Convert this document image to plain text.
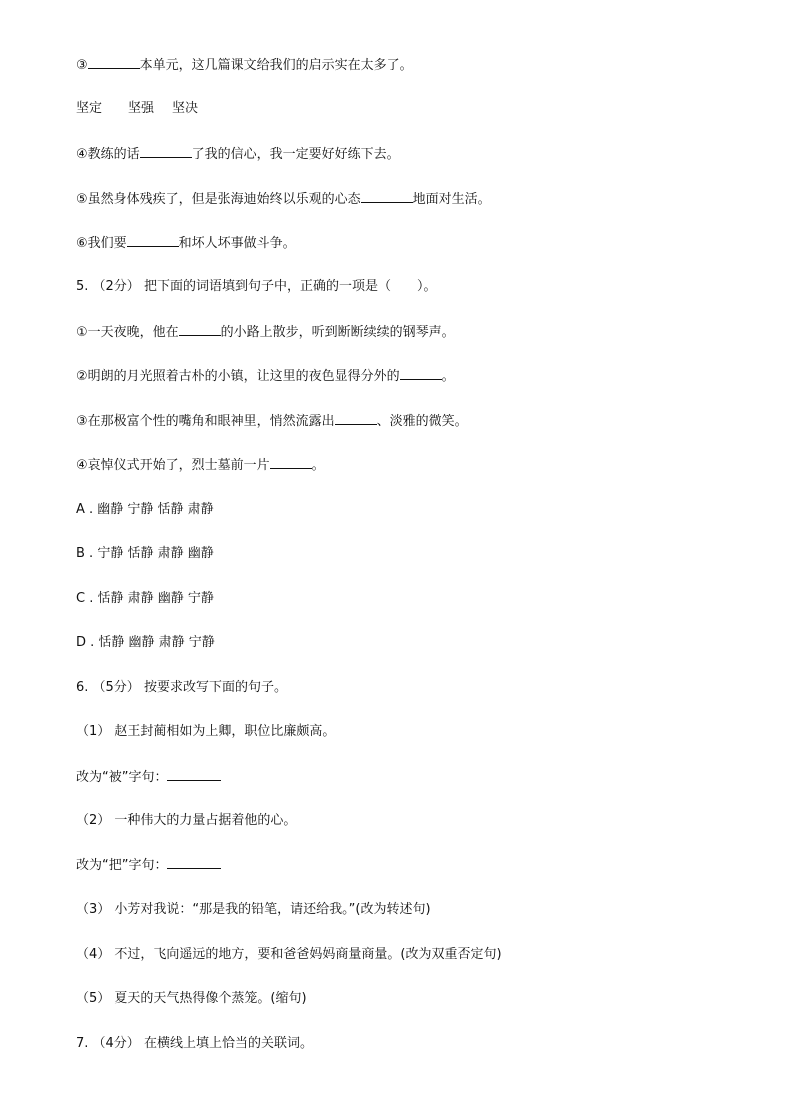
③	本单元，这几篇课文给我们的启示实在太多了。
坚定 坚强 坚决
④教练的话	了我的信心，我一定要好好练下去。
⑤虽然身体残疾了，但是张海迪始终以乐观的心态	地面对生活。
⑥我们要	和坏人坏事做斗争。
5. （2分） 把下面的词语填到句子中，正确的一项是（　　）。
①一天夜晚，他在	的小路上散步，听到断断续续的钢琴声。
②明朗的月光照着古朴的小镇，让这里的夜色显得分外的	。
③在那极富个性的嘴角和眼神里，悄然流露出	、淡雅的微笑。
④哀悼仪式开始了，烈士墓前一片	。
A . 幽静 宁静 恬静 肃静
B . 宁静 恬静 肃静 幽静
C . 恬静 肃静 幽静 宁静
D . 恬静 幽静 肃静 宁静
6. （5分） 按要求改写下面的句子。
（1） 赵王封蔺相如为上卿，职位比廉颇高。
改为“被”字句：
（2） 一种伟大的力量占据着他的心。
改为“把”字句：
（3） 小芳对我说：“那是我的铅笔，请还给我。”(改为转述句)
（4） 不过，飞向遥远的地方，要和爸爸妈妈商量商量。(改为双重否定句)
（5） 夏天的天气热得像个蒸笼。(缩句)
7. （4分） 在横线上填上恰当的关联词。
